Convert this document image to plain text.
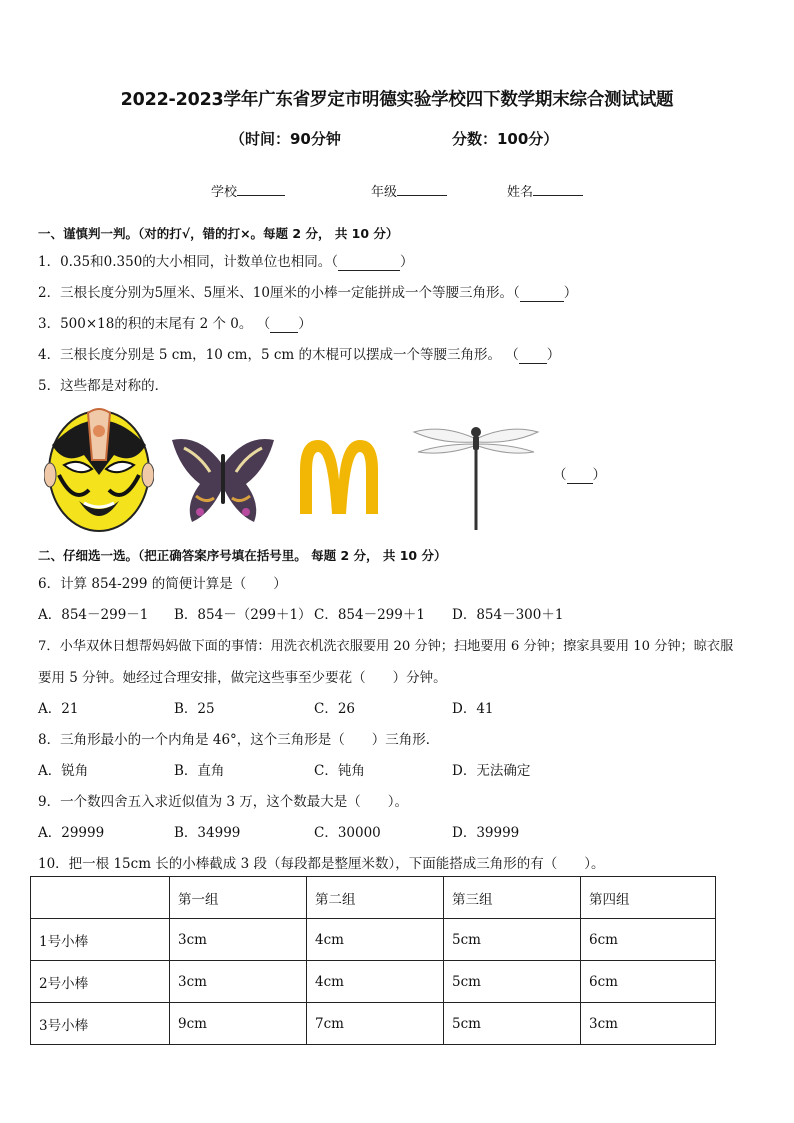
2022-2023学年广东省罗定市明德实验学校四下数学期末综合测试试题
（时间：90分钟	分数：100分）
学校	年级	姓名
一、谨慎判一判。（对的打√，错的打×。每题 2 分， 共 10 分）
1．0.35和0.350的大小相同，计数单位也相同。（	）
2．三根长度分别为5厘米、5厘米、10厘米的小棒一定能拼成一个等腰三角形。（	）
3．500×18的积的末尾有 2 个 0。 （ ）
4．三根长度分别是 5 cm，10 cm，5 cm 的木棍可以摆成一个等腰三角形。 （ ）
5．这些都是对称的．
（ ）
二、仔细选一选。（把正确答案序号填在括号里。 每题 2 分， 共 10 分）
6．计算 854-299 的简便计算是（　　）
A．854－299－1 B．854－（299＋1） C．854－299＋1 D．854－300＋1
7．小华双休日想帮妈妈做下面的事情：用洗衣机洗衣服要用 20 分钟；扫地要用 6 分钟；擦家具要用 10 分钟；晾衣服
要用 5 分钟。她经过合理安排，做完这些事至少要花（　　）分钟。
A．21	B．25	C．26	D．41
8．三角形最小的一个内角是 46°，这个三角形是（　　）三角形．
A．锐角	B．直角	C．钝角	D．无法确定
9．一个数四舍五入求近似值为 3 万，这个数最大是（　　）。
A．29999	B．34999	C．30000	D．39999
10．把一根 15cm 长的小棒截成 3 段（每段都是整厘米数），下面能搭成三角形的有（　　）。
	第一组	第二组	第三组	第四组
1号小棒	3cm	4cm	5cm	6cm
2号小棒	3cm	4cm	5cm	6cm
3号小棒	9cm	7cm	5cm	3cm
